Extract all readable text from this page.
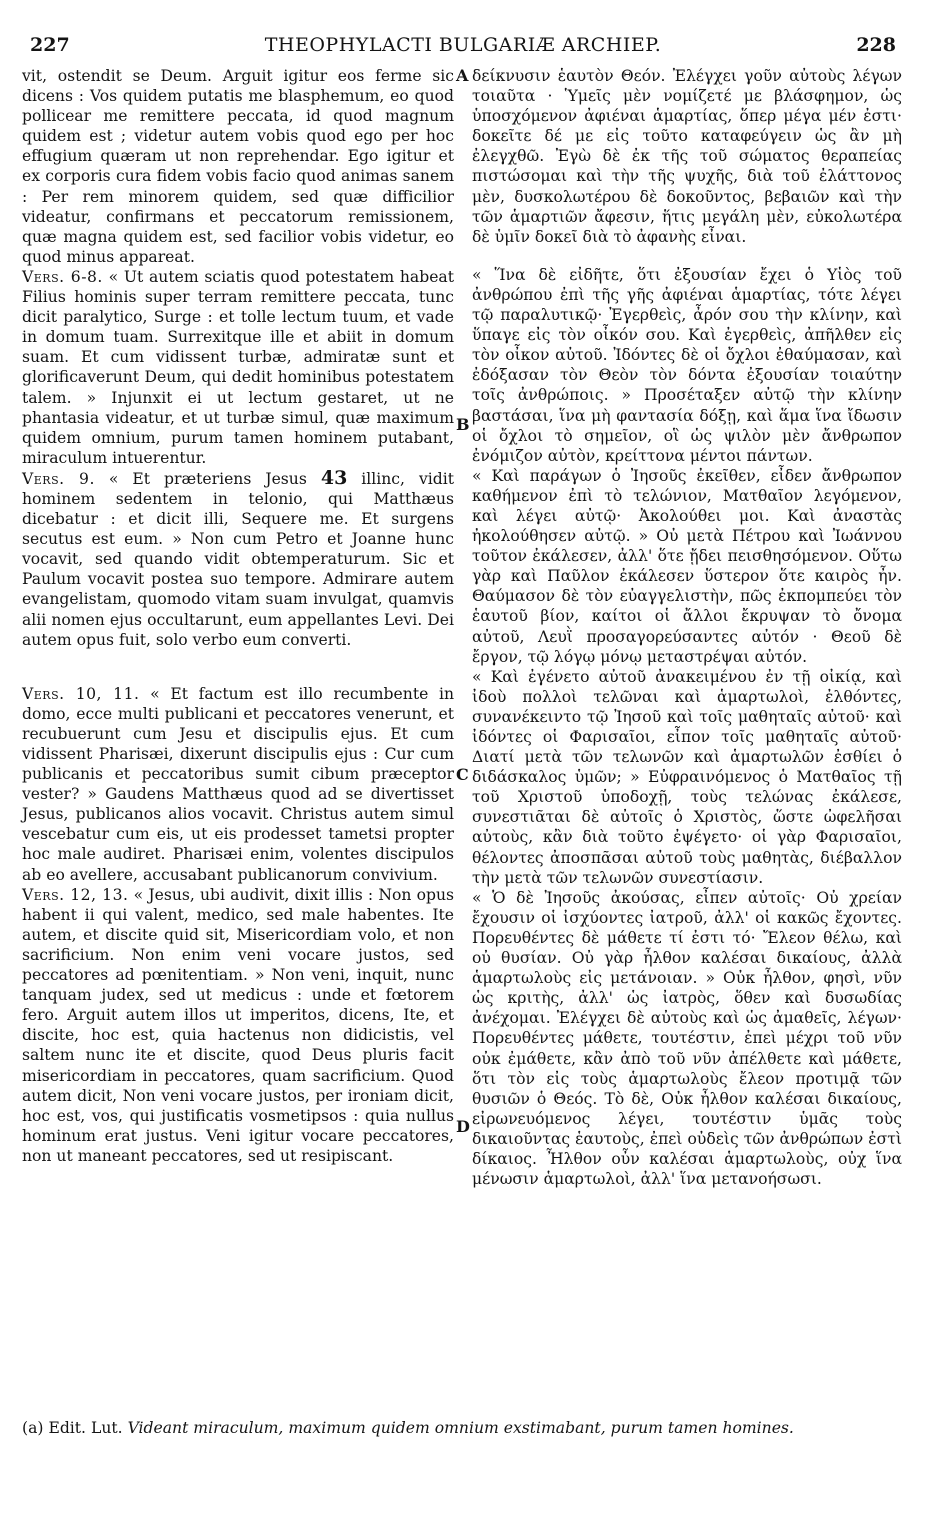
227	THEOPHYLACTI BULGARIÆ ARCHIEP.	228
A
B
C
D

vit, ostendit se Deum. Arguit igitur eos ferme sic dicens : Vos quidem putatis me blasphemum, eo quod pollicear me remittere peccata, id quod magnum quidem est ; videtur autem vobis quod ego per hoc effugium quæram ut non reprehendar. Ego igitur et ex corporis cura fidem vobis facio quod animas sanem : Per rem minorem quidem, sed quæ difficilior videatur, confirmans et peccatorum remissionem, quæ magna quidem est, sed facilior vobis videtur, eo quod minus appareat.

Vers. 6-8. « Ut autem sciatis quod potestatem habeat Filius hominis super terram remittere peccata, tunc dicit paralytico, Surge : et tolle lectum tuum, et vade in domum tuam. Surrexitque ille et abiit in domum suam. Et cum vidissent turbæ, admiratæ sunt et glorificaverunt Deum, qui dedit hominibus potestatem talem. » Injunxit ei ut lectum gestaret, ut ne phantasia videatur, et ut turbæ simul, quæ maximum quidem omnium, purum tamen hominem putabant, miraculum intuerentur.

Vers. 9. « Et præteriens Jesus 43 illinc, vidit hominem sedentem in telonio, qui Matthæus dicebatur : et dicit illi, Sequere me. Et surgens secutus est eum. » Non cum Petro et Joanne hunc vocavit, sed quando vidit obtemperaturum. Sic et Paulum vocavit postea suo tempore. Admirare autem evangelistam, quomodo vitam suam invulgat, quamvis alii nomen ejus occultarunt, eum appellantes Levi. Dei autem opus fuit, solo verbo eum converti.

Vers. 10, 11. « Et factum est illo recumbente in domo, ecce multi publicani et peccatores venerunt, et recubuerunt cum Jesu et discipulis ejus. Et cum vidissent Pharisæi, dixerunt discipulis ejus : Cur cum publicanis et peccatoribus sumit cibum præceptor vester? » Gaudens Matthæus quod ad se divertisset Jesus, publicanos alios vocavit. Christus autem simul vescebatur cum eis, ut eis prodesset tametsi propter hoc male audiret. Pharisæi enim, volentes discipulos ab eo avellere, accusabant publicanorum convivium.

Vers. 12, 13. « Jesus, ubi audivit, dixit illis : Non opus habent ii qui valent, medico, sed male habentes. Ite autem, et discite quid sit, Misericordiam volo, et non sacrificium. Non enim veni vocare justos, sed peccatores ad pœnitentiam. » Non veni, inquit, nunc tanquam judex, sed ut medicus : unde et fœtorem fero. Arguit autem illos ut imperitos, dicens, Ite, et discite, hoc est, quia hactenus non didicistis, vel saltem nunc ite et discite, quod Deus pluris facit misericordiam in peccatores, quam sacrificium. Quod autem dicit, Non veni vocare justos, per ironiam dicit, hoc est, vos, qui justificatis vosmetipsos : quia nullus hominum erat justus. Veni igitur vocare peccatores, non ut maneant peccatores, sed ut resipiscant.

δείκνυσιν ἑαυτὸν Θεόν. Ἐλέγχει γοῦν αὐτοὺς λέγων τοιαῦτα · Ὑμεῖς μὲν νομίζετέ με βλάσφημον, ὡς ὑποσχόμενον ἀφιέναι ἁμαρτίας, ὅπερ μέγα μέν ἐστι· δοκεῖτε δέ με εἰς τοῦτο καταφεύγειν ὡς ἂν μὴ ἐλεγχθῶ. Ἐγὼ δὲ ἐκ τῆς τοῦ σώματος θεραπείας πιστώσομαι καὶ τὴν τῆς ψυχῆς, διὰ τοῦ ἐλάττονος μὲν, δυσκολωτέρου δὲ δοκοῦντος, βεβαιῶν καὶ τὴν τῶν ἁμαρτιῶν ἄφεσιν, ἥτις μεγάλη μὲν, εὐκολωτέρα δὲ ὑμῖν δοκεῖ διὰ τὸ ἀφανὴς εἶναι.

« Ἵνα δὲ εἰδῆτε, ὅτι ἐξουσίαν ἔχει ὁ Υἱὸς τοῦ ἀνθρώπου ἐπὶ τῆς γῆς ἀφιέναι ἁμαρτίας, τότε λέγει τῷ παραλυτικῷ· Ἐγερθεὶς, ἆρόν σου τὴν κλίνην, καὶ ὕπαγε εἰς τὸν οἶκόν σου. Καὶ ἐγερθεὶς, ἀπῆλθεν εἰς τὸν οἶκον αὐτοῦ. Ἰδόντες δὲ οἱ ὄχλοι ἐθαύμασαν, καὶ ἐδόξασαν τὸν Θεὸν τὸν δόντα ἐξουσίαν τοιαύτην τοῖς ἀνθρώποις. » Προσέταξεν αὐτῷ τὴν κλίνην βαστάσαι, ἵνα μὴ φαντασία δόξῃ, καὶ ἅμα ἵνα ἴδωσιν οἱ ὄχλοι τὸ σημεῖον, οἳ ὡς ψιλὸν μὲν ἄνθρωπον ἐνόμιζον αὐτὸν, κρείττονα μέντοι πάντων.

« Καὶ παράγων ὁ Ἰησοῦς ἐκεῖθεν, εἶδεν ἄνθρωπον καθήμενον ἐπὶ τὸ τελώνιον, Ματθαῖον λεγόμενον, καὶ λέγει αὐτῷ· Ἀκολούθει μοι. Καὶ ἀναστὰς ἠκολούθησεν αὐτῷ. » Οὐ μετὰ Πέτρου καὶ Ἰωάννου τοῦτον ἐκάλεσεν, ἀλλ' ὅτε ᾔδει πεισθησόμενον. Οὕτω γὰρ καὶ Παῦλον ἐκάλεσεν ὕστερον ὅτε καιρὸς ἦν. Θαύμασον δὲ τὸν εὐαγγελιστὴν, πῶς ἐκπομπεύει τὸν ἑαυτοῦ βίον, καίτοι οἱ ἄλλοι ἔκρυψαν τὸ ὄνομα αὐτοῦ, Λευῒ προσαγορεύσαντες αὐτόν · Θεοῦ δὲ ἔργον, τῷ λόγῳ μόνῳ μεταστρέψαι αὐτόν.

« Καὶ ἐγένετο αὐτοῦ ἀνακειμένου ἐν τῇ οἰκίᾳ, καὶ ἰδοὺ πολλοὶ τελῶναι καὶ ἁμαρτωλοὶ, ἐλθόντες, συνανέκειντο τῷ Ἰησοῦ καὶ τοῖς μαθηταῖς αὐτοῦ· καὶ ἰδόντες οἱ Φαρισαῖοι, εἶπον τοῖς μαθηταῖς αὐτοῦ· Διατί μετὰ τῶν τελωνῶν καὶ ἁμαρτωλῶν ἐσθίει ὁ διδάσκαλος ὑμῶν; » Εὐφραινόμενος ὁ Ματθαῖος τῇ τοῦ Χριστοῦ ὑποδοχῇ, τοὺς τελώνας ἐκάλεσε, συνεστιᾶται δὲ αὐτοῖς ὁ Χριστὸς, ὥστε ὠφελῆσαι αὐτοὺς, κἂν διὰ τοῦτο ἐψέγετο· οἱ γὰρ Φαρισαῖοι, θέλοντες ἀποσπᾶσαι αὐτοῦ τοὺς μαθητὰς, διέβαλλον τὴν μετὰ τῶν τελωνῶν συνεστίασιν.

« Ὁ δὲ Ἰησοῦς ἀκούσας, εἶπεν αὐτοῖς· Οὐ χρείαν ἔχουσιν οἱ ἰσχύοντες ἰατροῦ, ἀλλ' οἱ κακῶς ἔχοντες. Πορευθέντες δὲ μάθετε τί ἐστι τό· Ἔλεον θέλω, καὶ οὐ θυσίαν. Οὐ γὰρ ἦλθον καλέσαι δικαίους, ἀλλὰ ἁμαρτωλοὺς εἰς μετάνοιαν. » Οὐκ ἦλθον, φησὶ, νῦν ὡς κριτὴς, ἀλλ' ὡς ἰατρὸς, ὅθεν καὶ δυσωδίας ἀνέχομαι. Ἐλέγχει δὲ αὐτοὺς καὶ ὡς ἀμαθεῖς, λέγων· Πορευθέντες μάθετε, τουτέστιν, ἐπεὶ μέχρι τοῦ νῦν οὐκ ἐμάθετε, κἂν ἀπὸ τοῦ νῦν ἀπέλθετε καὶ μάθετε, ὅτι τὸν εἰς τοὺς ἁμαρτωλοὺς ἔλεον προτιμᾷ τῶν θυσιῶν ὁ Θεός. Τὸ δὲ, Οὐκ ἦλθον καλέσαι δικαίους, εἰρωνευόμενος λέγει, τουτέστιν ὑμᾶς τοὺς δικαιοῦντας ἑαυτοὺς, ἐπεὶ οὐδεὶς τῶν ἀνθρώπων ἐστὶ δίκαιος. Ἦλθον οὖν καλέσαι ἁμαρτωλοὺς, οὐχ ἵνα μένωσιν ἁμαρτωλοὶ, ἀλλ' ἵνα μετανοήσωσι.

(a) Edit. Lut. Videant miraculum, maximum quidem omnium exstimabant, purum tamen homines.
